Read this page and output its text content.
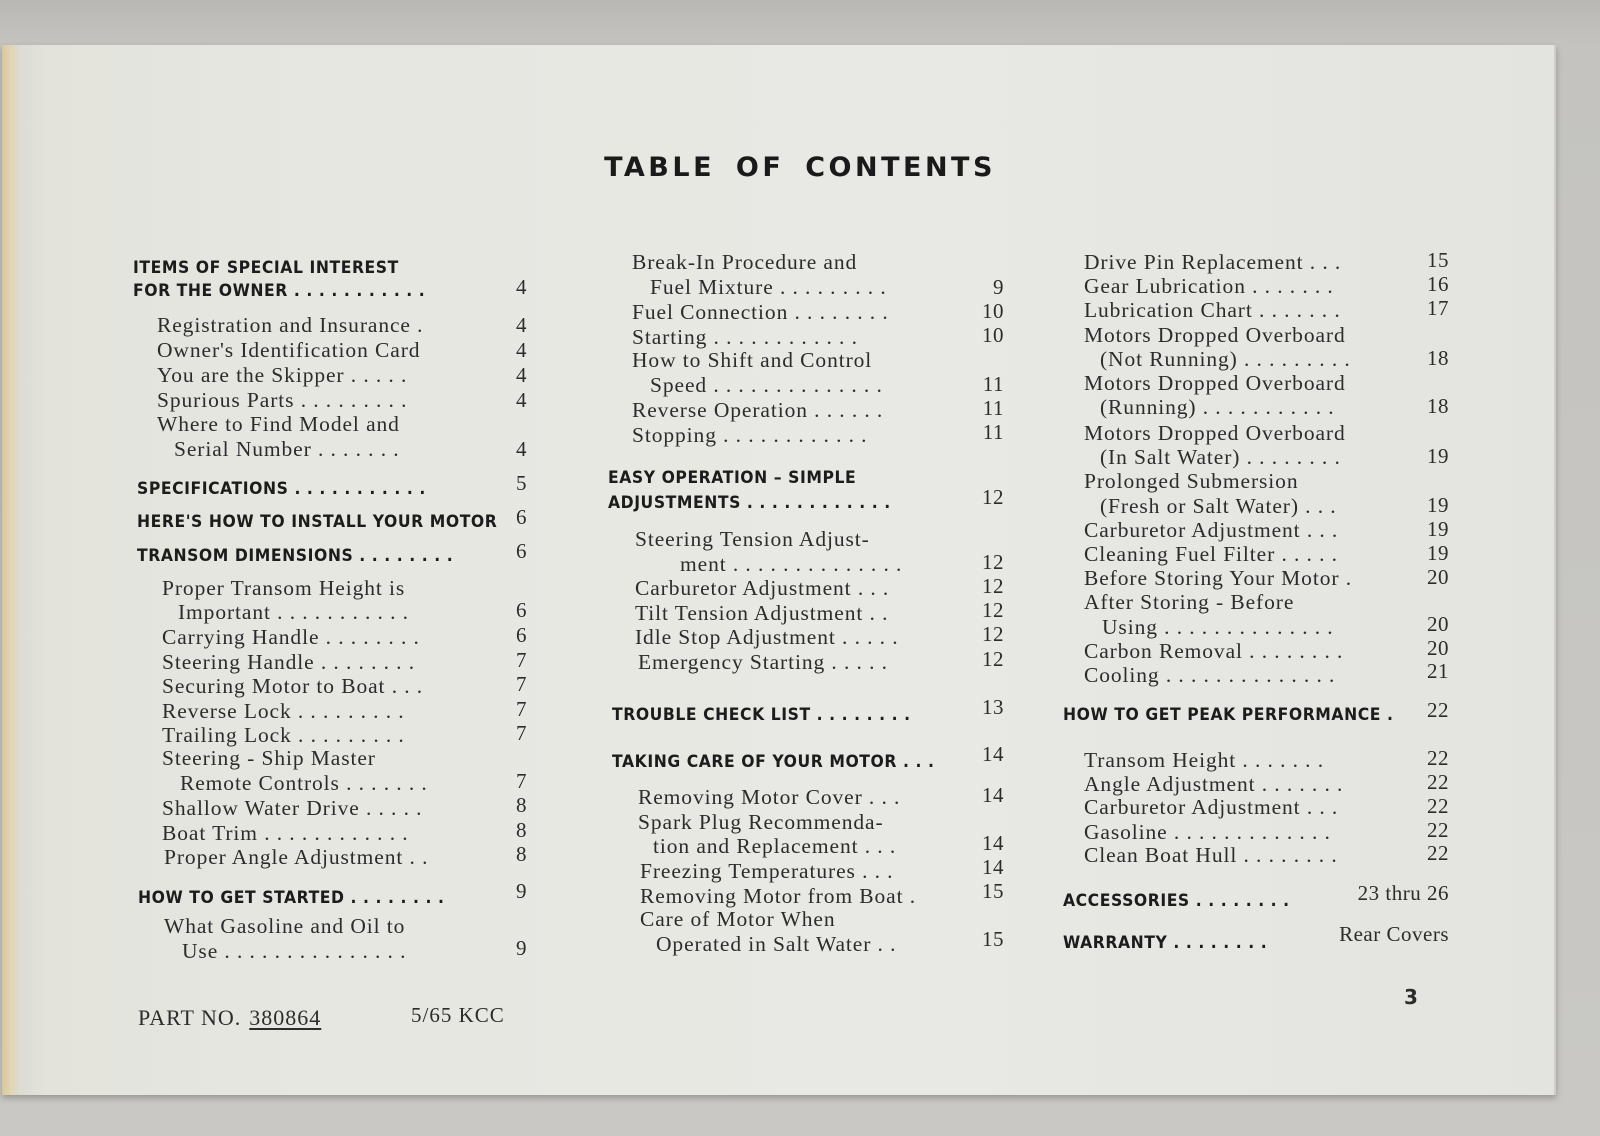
TABLE OF CONTENTS
ITEMS OF SPECIAL INTEREST
FOR THE OWNER . . . . . . . . . . .	4
Registration and Insurance .	4
Owner's Identification Card	4
You are the Skipper . . . . .	4
Spurious Parts . . . . . . . . .	4
Where to Find Model and
Serial Number . . . . . . .	4
SPECIFICATIONS . . . . . . . . . . .	5
HERE'S HOW TO INSTALL YOUR MOTOR 6
TRANSOM DIMENSIONS . . . . . . . .	6
Proper Transom Height is
Important . . . . . . . . . . .	6
Carrying Handle . . . . . . . .	6
Steering Handle . . . . . . . .	7
Securing Motor to Boat . . .	7
Reverse Lock . . . . . . . . .	7
Trailing Lock . . . . . . . . .	7
Steering - Ship Master
Remote Controls . . . . . . .	7
Shallow Water Drive . . . . .	8
Boat Trim . . . . . . . . . . . .	8
Proper Angle Adjustment . .	8
HOW TO GET STARTED . . . . . . . .	9
What Gasoline and Oil to
Use . . . . . . . . . . . . . . .	9
Break-In Procedure and
Fuel Mixture . . . . . . . . .	9
Fuel Connection . . . . . . . .	10
Starting . . . . . . . . . . . .	10
How to Shift and Control
Speed . . . . . . . . . . . . . .	11
Reverse Operation . . . . . .	11
Stopping . . . . . . . . . . . .	11
EASY OPERATION – SIMPLE
ADJUSTMENTS . . . . . . . . . . . .	12
Steering Tension Adjust-
ment . . . . . . . . . . . . . .	12
Carburetor Adjustment . . .	12
Tilt Tension Adjustment . .	12
Idle Stop Adjustment . . . . .	12
Emergency Starting . . . . .	12
TROUBLE CHECK LIST . . . . . . . .	13
TAKING CARE OF YOUR MOTOR . . .	14
Removing Motor Cover . . .	14
Spark Plug Recommenda-
tion and Replacement . . .	14
Freezing Temperatures . . .	14
Removing Motor from Boat .	15
Care of Motor When
Operated in Salt Water . .	15
Drive Pin Replacement . . .	15
Gear Lubrication . . . . . . .	16
Lubrication Chart . . . . . . .	17
Motors Dropped Overboard
(Not Running) . . . . . . . . .	18
Motors Dropped Overboard
(Running) . . . . . . . . . . .	18
Motors Dropped Overboard
(In Salt Water) . . . . . . . .	19
Prolonged Submersion
(Fresh or Salt Water) . . .	19
Carburetor Adjustment . . .	19
Cleaning Fuel Filter . . . . .	19
Before Storing Your Motor .	20
After Storing - Before
Using . . . . . . . . . . . . . .	20
Carbon Removal . . . . . . . .	20
Cooling . . . . . . . . . . . . . .	21
HOW TO GET PEAK PERFORMANCE .	22
Transom Height . . . . . . .	22
Angle Adjustment . . . . . . .	22
Carburetor Adjustment . . .	22
Gasoline . . . . . . . . . . . . .	22
Clean Boat Hull . . . . . . . .	22
ACCESSORIES . . . . . . . .	23 thru 26
WARRANTY . . . . . . . .	Rear Covers
PART NO. 380864	5/65 KCC
3
